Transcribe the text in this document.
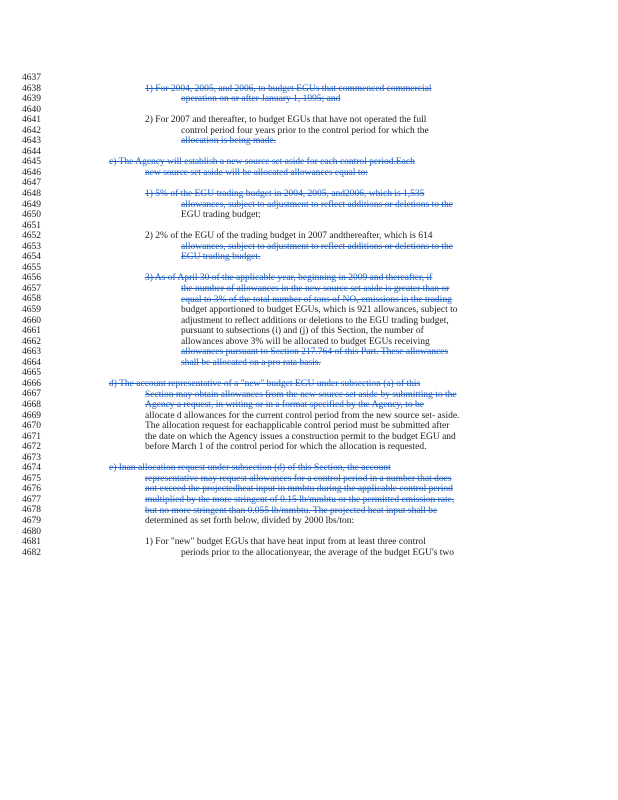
4637
4638
4639
4640
4641
4642
4643
4644
4645
4646
4647
4648
4649
4650
4651
4652
4653
4654
4655
4656
4657
4658
4659
4660
4661
4662
4663
4664
4665
4666
4667
4668
4669
4670
4671
4672
4673
4674
4675
4676
4677
4678
4679
4680
4681
4682
1) For 2004, 2005, and 2006, to budget EGUs that commenced commercial
operation on or after January 1, 1995; and
2) For 2007 and thereafter, to budget EGUs that have not operated the full
control period four years prior to the control period for which the
allocation is being made.
c) The Agency will establish a new source set aside for each control period.Each
new source set aside will be allocated allowances equal to:
1) 5% of the EGU trading budget in 2004, 2005, and2006, which is 1,535
allowances, subject to adjustment to reflect additions or deletions to the
EGU trading budget;
2) 2% of the EGU of the trading budget in 2007 andthereafter, which is 614
allowances, subject to adjustment to reflect additions or deletions to the
EGU trading budget.
3) As of April 30 of the applicable year, beginning in 2009 and thereafter, if
the number of allowances in the new source set aside is greater than or
equal to 3% of the total number of tons of NOₓ emissions in the trading
budget apportioned to budget EGUs, which is 921 allowances, subject to
adjustment to reflect additions or deletions to the EGU trading budget,
pursuant to subsections (i) and (j) of this Section, the number of
allowances above 3% will be allocated to budget EGUs receiving
allowances pursuant to Section 217.764 of this Part. These allowances
shall be allocated on a pro rata basis.
d) The account representative of a "new" budget EGU under subsection (a) of this
Section may obtain allowances from the new source set aside by submitting to the
Agency a request, in writing or in a format specified by the Agency, to be
allocate d allowances for the current control period from the new source set- aside.
The allocation request for eachapplicable control period must be submitted after
the date on which the Agency issues a construction permit to the budget EGU and
before March 1 of the control period for which the allocation is requested.
e) Inan allocation request under subsection (d) of this Section, the account
representative may request allowances for a control period in a number that does
not exceed the projectedheat input in mmbtu during the applicable control period
multiplied by the more stringent of 0.15 lb/mmbtu or the permitted emission rate,
but no more stringent than 0.055 lb/mmbtu. The projected heat input shall be
determined as set forth below, divided by 2000 lbs/ton:
1) For "new" budget EGUs that have heat input from at least three control
periods prior to the allocationyear, the average of the budget EGU's two
